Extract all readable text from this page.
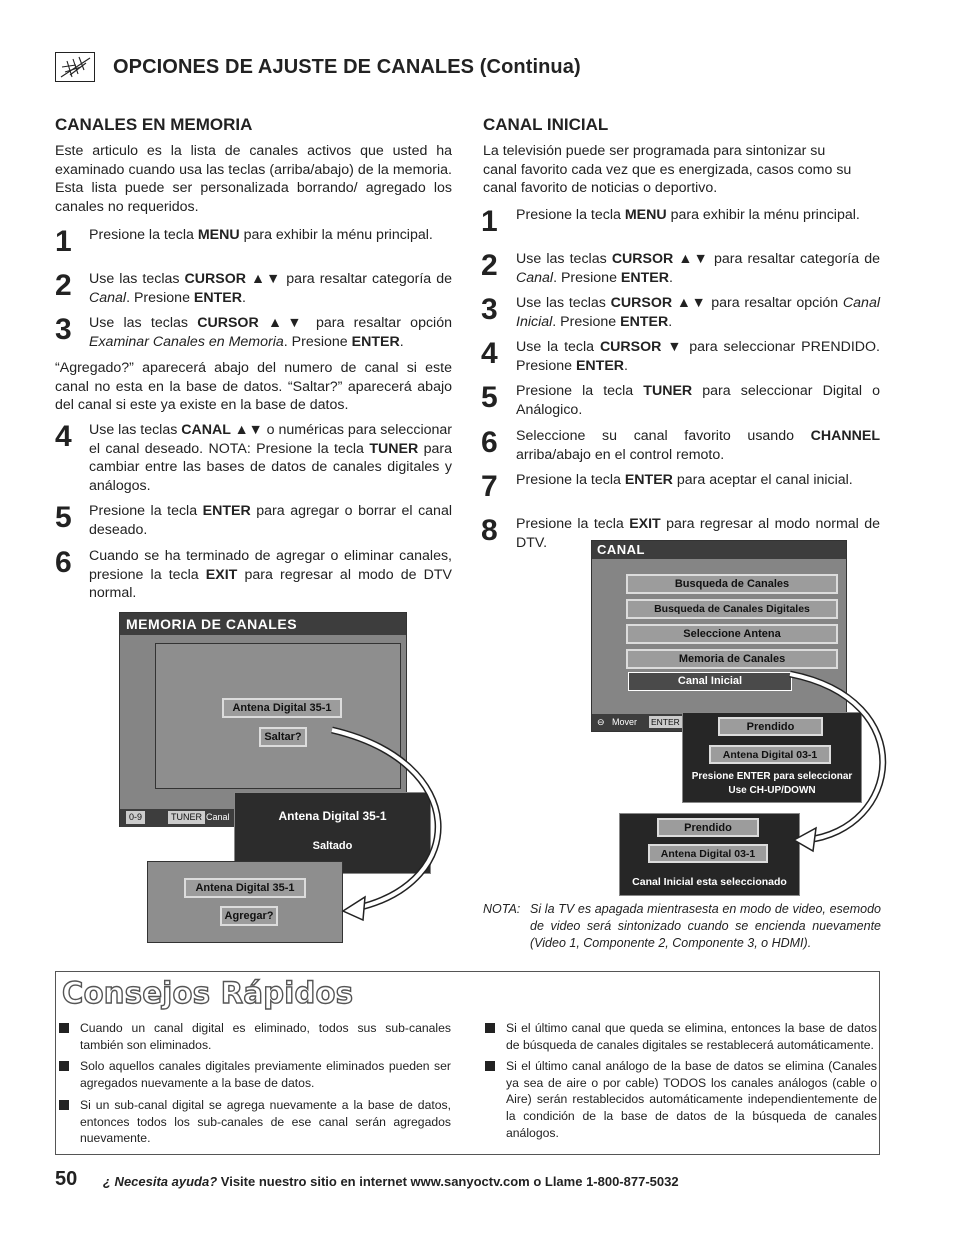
OPCIONES DE AJUSTE DE CANALES (Continua)
CANALES EN MEMORIA
Este articulo es la lista de canales activos que usted ha examinado cuando usa las teclas (arriba/abajo) de la memoria. Esta lista puede ser personalizada borrando/ agregado los canales no requeridos.
1 Presione la tecla MENU para exhibir la ménu principal.
2 Use las teclas CURSOR ▲▼ para resaltar categoría de Canal. Presione ENTER.
3 Use las teclas CURSOR ▲▼ para resaltar opción Examinar Canales en Memoria. Presione ENTER.
“Agregado?” aparecerá abajo del numero de canal si este canal no esta en la base de datos. “Saltar?” aparecerá abajo del canal si este ya existe en la base de datos.
4 Use las teclas CANAL ▲▼ o numéricas para seleccionar el canal deseado. NOTA: Presione la tecla TUNER para cambiar entre las bases de datos de canales digitales y análogos.
5 Presione la tecla ENTER para agregar o borrar el canal deseado.
6 Cuando se ha terminado de agregar o eliminar canales, presione la tecla EXIT para regresar al modo de DTV normal.
CANAL INICIAL
La televisión puede ser programada para sintonizar su canal favorito cada vez que es energizada, casos como su canal favorito de noticias o deportivo.
1 Presione la tecla MENU para exhibir la ménu principal.
2 Use las teclas CURSOR ▲▼ para resaltar categoría de Canal. Presione ENTER.
3 Use las teclas CURSOR ▲▼ para resaltar opción Canal Inicial. Presione ENTER.
4 Use la tecla CURSOR ▼ para seleccionar PRENDIDO. Presione ENTER.
5 Presione la tecla TUNER para seleccionar Digital o Análogico.
6 Seleccione su canal favorito usando CHANNEL arriba/abajo en el control remoto.
7 Presione la tecla ENTER para aceptar el canal inicial.
8 Presione la tecla EXIT para regresar al modo normal de DTV.
MEMORIA DE CANALES
Antena Digital 35-1
Saltar?
0-9	TUNER Canal	Antena Digital 35-1
Saltado
Antena Digital 35-1
Agregar?
CANAL
Busqueda de Canales
Busqueda de Canales Digitales
Seleccione Antena
Memoria de Canales
Canal Inicial
⊖ Mover ENTER	Prendido
Antena Digital 03-1
Presione ENTER para seleccionar
Use CH-UP/DOWN
Prendido
Antena Digital 03-1
Canal Inicial esta seleccionado
NOTA: Si la TV es apagada mientrasesta en modo de video, esemodo de video será sintonizado cuando se encienda nuevamente (Video 1, Componente 2, Componente 3, o HDMI).
Consejos Rápidos
Cuando un canal digital es eliminado, todos sus sub-canales también son eliminados.
Solo aquellos canales digitales previamente eliminados pueden ser agregados nuevamente a la base de datos.
Si un sub-canal digital se agrega nuevamente a la base de datos, entonces todos los sub-canales de ese canal serán agregados nuevamente.
Si el último canal que queda se elimina, entonces la base de datos de búsqueda de canales digitales se restablecerá automáticamente.
Si el último canal análogo de la base de datos se elimina (Canales ya sea de aire o por cable) TODOS los canales análogos (cable o Aire) serán restablecidos automáticamente independientemente de la condición de la base de datos de la búsqueda de canales análogos.
50 ¿ Necesita ayuda? Visite nuestro sitio en internet www.sanyoctv.com o Llame 1-800-877-5032
